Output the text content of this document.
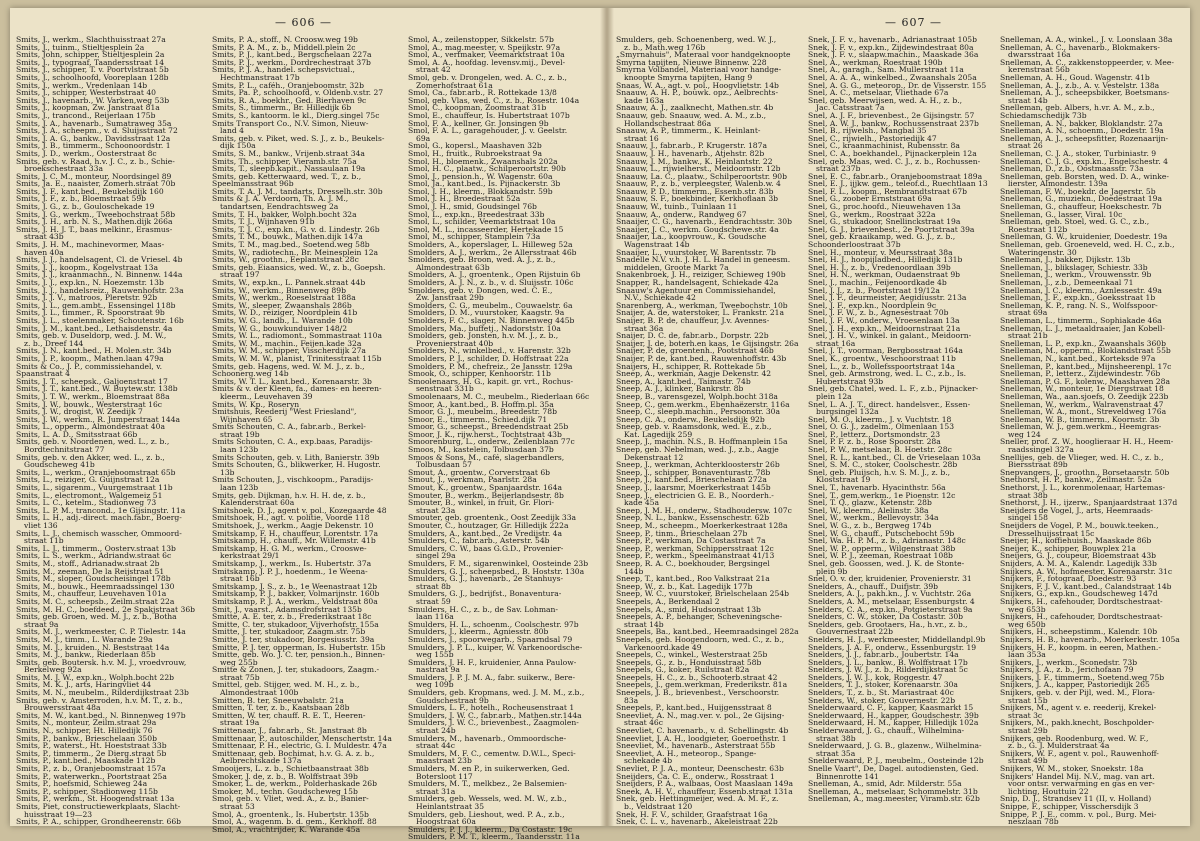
— 606 —	— 607 —
Smits, J., werkm., Slachthuisstraat 27a
Smits, J., tuinm., Stieltjesplein 2a
Smits, John, schipper, Stieltjesplein 2a
Smits, J., typograaf, Taandersstraat 14
Smits, J., schipper, T. v. Poortvlstraat 5b
Smits, J., schoolhoofd, Vooreplaan 128b
Smits, J., werkm., Vredenlaan 14b
Smits, J., schipper, Westerbstraat 40
Smits, J., havenarb., W. Varken,weg 53b
Smits, J., koopman, Zw. Janstraat 81a
Smits, J., trancond., Reijerlaan 175b
Smits, J. A., havenarb., Sumatraweg 35a
Smits, J. A., scheepm., v. d. Sluijsstraat 72
Smits, J. A. G., bankw., Davidsstraat 12a
Smits, J. B., timmerm., Schoonoordstr. 1
Smits, J. D., werkm., Oosterstraat 8c
Smits, geb. v. Raad, h.v. J. C., z. b., Schie-
broekschestraat 33a
Smits, J. C. M., monteur, Noordsingel 89
Smits, Ja. E., naaister, Zomerh.straat 70b
Smits, J. F., kant.bed., Beukelsdijk 160
Smits, J. F., z. b., Bloemstraat 59b
Smits, J. G., z. b., Gouloschekade 19
Smits, J. G., werkm., Tweebochstraat 58b
Smits, J. H., arb. N. S., Mathen.dijk 266a
Smits, J. H. J. T., baas melkinr., Erasmus-
straat 43b
Smits, J. H. M., machinevormer, Maas-
haven 40a
Smits, J. J., handelsagent, Cl. de Vriesel. 4b
Smits, J. J., koopm., Kogelvstraat 13a
Smits, J. J., kraanmachn., N. Binnenw. 144a
Smits, J. J., exp.kn., N. Hoezemstr. 13b
Smits, J. J., handelsreiz., Rauwenhofstr. 23a
Smits, J. J. V., matroos, Pleretstr. 92b
Smits, J. L., gem.ambt., Essensingel 118b
Smits, J. L., timmer., R. Spoorstraat 9b
Smits, J. L., stoelenmaker, Schoutenstr. 16b
Smits, J. M., kant.bed., Lethaisdenstr. 4a
Smits, geb. v. Duseldorp, wed. J. M. W.,
z. b., Dreef 144
Smits, J. N., kant.bed., H. Molen.str. 34b
Smits, J. P., koopm., Mathen.laan 479a
Smits & Co., J. P., commissiehandel, v.
Spaanstraat 4
Smits, J. T., scheepsk., Galjoenstraat 17
Smits, J. T., kant.bed., W. Buytew.str. 138b
Smits, J. T. W., werkm., Bloemstraat 88a
Smits, J. W., bouwk., Westerstraat 16c
Smits, J. W., drogist, W. Zeedijk 7
Smits, J. W., werkm., R. Jumperstraat 144a
Smits, L., opperm., Almondestraat 40a
Smits, L. A. D., Smitsstraat 66b
Smits, geb. v. Noordenen, wed. L., z. b.,
Bordtechnitstraat 77
Smits, geb. v. den Akker, wed. L., z. b.,
Goudscheweg 41b
Smits, L., werkm., Oranjeboomstraat 65b
Smits, L., reiziger, G. Guijnstraat 12a
Smits, L., sigarenm., Vuurgemstraat 11b
Smits, L., electromont., Walgemeiz 51
Smits, L. C., ketelm., Stadionweg 73
Smits, L. P. M., trancond., 1e Gijsingstr. 11a
Smits, L. H., adj.-direct. mach.fabr., Boerg-
vliet 136
Smits, L. J., chemisch wasscher, Ommoord-
straat 11b
Smits, L. J., timmerm., Oosterv.straat 13b
Smits, L. S., werkm., Adriandw.straat 6c
Smits, M., stoff., Adrianadw.straat 2b
Smits, M., zeeman, De la Reijstraat 51
Smits, M., sloper, Goudscheisingel 178b
Smits, M., bouwk., Heemraadssingel 130
Smits, M., chauffeur, Leuvehaven 101a
Smits, M. C., scheepsb., Zeilm.straat 22a
Smits, M. H. C., boefdeed., 2e Spakjstraat 36b
Smits, geb. Groen, wed. M. J., z. b., Botha
straat 9a
Smits, M. J., werkmeester, C. P. Tielestr. 14a
Smits, M. J., timm., L. Warande 29a
Smits, M. J., kruiden., N. Beststraat 14a
Smits, M. J., bankw., Riederlaan 85b
Smits, geb. Boutersk. h.v. M. J., vroedvrouw,
Berkelweg 92a
Smits, M. J. W., exp.kn., Wolph.bocht 22b
Smits, M. K. J., arts, Haringvliet 44
Smits, M. N., meubelm., Rilderdijkstraat 23b
Smits, geb. v. Amsterroden, h.v. M. T., z. b.,
Brouwersstraat 48a
Smits, M. W., kant.bed., N. Binnenweg 197b
Smits, N., monteur, Zeilm.straat 29a
Smits, N., schipper, Ht. Hilledijk 76
Smits, P., bankw., Brieschelaan 350b
Smits, P., waterst., Ht. Hoeststraat 33b
Smits, P., timmerm., 2e Dierg.straat 5b
Smits, P., kant.bed., Maaskade 112b
Smits, P., z. b., Oranjeboomstraat 157a
Smits, P., waterwerkn., Poortstraat 25a
Smits, P., hoefsmid, Schieweg 24a
Smits, P., schipper, Stadionweg 115b
Smits, P., werkm., St. Hoogendstraat 13a
Smits, Piet, constructiewerkplaats, Slacht-
huisstraat 19—23
Smits, P. A., schipper, Grondheerenstr. 66b
Smits, P. A., stoff., N. Croosw.weg 19b
Smits, P. A. M., z. b., Middell.plein 2c
Smits, P. J., kant.bed., Bergschelaan 227a
Smits, P. J., werkm., Dordrechestraat 37b
Smits, P. J. A., handel. schepsvictual.,
Hechtmanstraat 17b
Smits, P. L., caféh., Oranjeboomstr. 32b
Smits, Pa. P., schoolhoofd, v. Oldenb.v.str. 27
Smits, R. A., boekhr., Ged. Bierhaven 9c
Smits, S., timmerm., Br. Hilledijk 6b
Smits, S., kantoorm. le kl., Dierg.singel 75c
Smits Transport Co., N.V. Simon, Nieuw-
land 4
Smits, geb. v. Piket, wed. S. J., z. b., Beukels-
dijk 150a
Smits, S. M., bankw., Vrijenb.straat 34a
Smits, Th., schipper, Vieramb.str. 75a
Smits, T., sleepb.kapit., Nassaulaan 19a
Smits, geb. Ketterwaard, wed. T., z. b.,
Speelmansstraat 96b
Smits, T. A. J. M., tandarts, Dresselh.str. 30b
Smits & J. A. Verdoorn, Th. A. J. M.,
tandartsen, Eendrachtsweg 2a
Smits, T. H., bakker, Wolph.bocht 32a
Smits, T. J., Wijnhaven 91b
Smits, T. J. C., exp.kn., G. v. d. Lindestr. 26b
Smits, T. M., bouwk., Mathen.dijk 147a
Smits, T. M., mag.bed., Soetend.weg 58b
Smits, W., radiotechn., Br. Meinesplein 12a
Smits, W., groothn., Eeplantstraat 28c
Smits, geb. Eiaansics, wed. W., z. b., Goepsh.
straat 197
Smits, W., exp.kn., L. Pannek.straat 44b
Smits, W., werkm., Binnenweg 89b
Smits, W., werkm., Roeselstraat 188a
Smits, W., sleeper, Zwaanshals 286b
Smits, W. D., reiziger, Noordplein 41b
Smits, W. G., landb., L. Warande 10b
Smits, W. G., bouwkunduiver 148/2
Smits, W. L., radiomont., Sommastraat 110a
Smits, W. M., machin., Feijen.kade 32a
Smits, W. M., schipper, Visscherdijk 27a
Smits, W. M. W., planist, Trinitesstraat 115b
Smits, geb. Hagens, wed. W. M. J., z. b.,
Schoonerg.weg 14b
Smits, W. T. L., kant.bed., Korenaarstr. 3b
Smits & v. der Kleen, fa., dames- en heeren-
kleerm., Leuvehaven 39
Smits, W. Kp., Roseryn
Smitshuis, Reederij "West Friesland",
Wijnhaven 65
Smits Schouten, C. A., fabr.arb., Berkel-
straat 19b
Smits Schouten, C. A., exp.baas, Paradijs-
laan 123b
Smits Schouten, geb. v. Lith, Banierstr. 39b
Smits Schouten, G., blikwerker, H. Hugostr.
13b
Smits Schouten, J., vischkoopm., Paradijs-
laan 123b
Smits, geb. Dijkman, h.v. H. H. de, z. b.,
Kalenderstraat 60a
Smitshoek, D. J., agent v. pol., Kozegaarde 48
Smitshoek, H., agt. v. politie, Voorde 118
Smitshoek, J., werkm., Aagje Dekenstr. 10
Smitskamp, F. H., chauffeur, Lorentstr. 17a
Smitskamp, H., chauff., Mr. Willemstr. 41b
Smitskamp, H. G. M., werkm., Crooswe-
kerkstraat 29/1
Smitskamp, J., werkm., Is. Hubertstr. 37a
Smitskamp, J. P. J., hoedenm., 1e Weena-
straat 16b
Smitskamp, J. S., z. b., 1e Weenastraat 12b
Smitskamp, P. J., bakker, Volmarijnstr. 160b
Smitskamp, P. J. A., werkm., Veldstraat 80a
Smit, J., vaarst., Adamsdrofstraat 135b
Smitte, A. E. ter, z. b., Frederikstraat 18c
Smitte, C. ter, stukadoor, Vijverhofstr. 155a
Smitte, J. ter, stukadoor, Zaagm.str. 75b
Smitte, J. ter, stukadoor, Borgesiusstr. 39a
Smitte, P. J. ter, opperman, Is. Hubertstr. 15b
Smitte, geb. Wo. J. C. ter, pension.h., Binnen-
weg 255b
Smitte & Zonen, J. ter, stukadoors, Zaagm.-
straat 75b
Smittel, geb. Stijger, wed. M. H., z. b.,
Almondestraat 100b
Smitten, B. ter, Sneeuwbalstr. 21a
Smitten, T. ter, z. b., Kaatsbaan 28b
Smitten, W. ter, chauff. R. E. T., Heeren-
straat 19a
Smittenaar, J., fabr.arb., St. Janstraat 8b
Smittenaar, P., autoschilder, Menschertstr. 14a
Smittenaar, P. H., electric, G. I. Muldestr. 47a
Smittenaar, geb. Bochimat, h.v. G. A. z. b.,
Aelbrechtskade 137a
Smooijers, L. z. b., Schietbaanstraat 38b
Smoker, J. de, z. b., B. Wolffstraat 39b
Smoker, L. de, werkm., Polderhaskade 26b
Smoker, M., techn. Goudscheweg 15b
Smol, geb. v. Vliet, wed. A., z. b., Banier-
straat 53
Smol, A., groentenk., Is. Hubertstr. 135b
Smol, A., wagenm. b. d. gem., Kerkhoff. 88
Smol, A., vrachtrijder, K. Warande 45a
Smol, A., zeilenstopper, Sikkelstr. 57b
Smol, A., mag.meester, v. Speijkstr. 97a
Smol, A., verfmaker, Veemarktstraat 10a
Smol, A. A., hoofdag. levensv.mij., Devel-
straat 42
Smol, geb. v. Drongelen, wed. A. C., z. b.,
Zomerhofstraat 61a
Smol, Ca., fabr.arb., R. Rottekade 13/8
Smol, geb. Vlas, wed. C., z. b., Rosestr. 104a
Smol, C., koopman, Zoomstraat 31b
Smol, E., chauffeur, Is. Hubertstraat 107b
Smol, F. A., kellner, Gr. Jonsingen 9b
Smol, F. A. L., garagehouder, J. v. Geelstr.
69a
Smol, G., kopersl., Maashaven 32b
Smol, H., fruitk., Rubroekstraat 9a
Smol, H., bloemenk., Zwaanshals 202a
Smol, H. C., plaatw., Schilperoortstr. 90b
Smol, J., pension.h., W. Wagenstr. 60a
Smol, Ja., kant.bed., Is. Pijnackerstr. 3b
Smol, J. H., kleerm., Blokkandstr. 59b
Smol, J. H., Broedestraat 52a
Smol, J. H., smid, Goudsingel 76b
Smol, L., exp.kn., Breedestraat 33b
Smol, L., schilder, Veemarktstraat 10a
Smol, M. L., incasseerder, Hertekade 15
Smol, M., schipper, Stamplein 73a
Smolders, A., koperslager, L. Hilleweg 52a
Smolders, A. J., werkm., 2e Allersstraat 46b
Smolders, geb. Broon, wed. A. J., z. b.,
Almondestraat 63b
Smolders, A. J., groentenk., Open Rijstuin 6b
Smolders, A. J. N., z. b., v. d. Sluijsstr. 106c
Smolders, geb. v. Dongen, wed. C. E.,
Zw. Janstraat 29b
Smolders, C. G., meubelm., Couwaelstr. 6a
Smolders, D. M., vuurstoker, Kaagstr. 9a
Smolders, F. C., slager, N. Binnenweg 445b
Smolders, Ma., buffetj., Nadorststr. 10a
Smolders, geb. Jonsten, h.v. M. J., z. b.,
Provenierstraat 40b
Smolders, N., winkelbed., v. Harenstr. 32b
Smolders, P. J., schilder, D. Hoffstraat 22a
Smolders, P. M., chefreiz., 2e Jansstr. 129a
Smook, O., schipper, Kenhoorstr. 11b
Smoolenaars, H. G., kapit. gr. vrt., Rochus-
senstraat 331b
Smoolenaars, M. C., meubelm., Riederlaan 66c
Smoor, A., kant.bed., B. Hoffm.pl. 35a
Smoor, G. J., meubelm., Breedestr. 78b
Smoor, E., timmerm., Schied.dijk 71
Smoor, G., scheepst., Breedendstraat 25b
Smoor, J. K., rijw.herst., Tochtstraat 43b
Smoorenburg, L., onderw., Zeilenblaan 77c
Smoos, M., kastelein, Tolbusdaan 37b
Smoos & Sons, M., café, slagerbandlers,
Tolbusdaan 57
Smout, A., groentw., Corverstraat 6b
Smout, J., werkman, Paarlstr. 28a
Smout, K., groentw., Spanjaardstr. 164a
Smouter, B., werkm., Beijerlandsestr. 8b
Smouter, B., winkel, in fruit, Gr. Flori-
straat 23a
Smouter, geb. groentenk., Oost Zeedijk 33a
Smouter, C., houtzager, Gr. Hilledijk 222a
Smulders, A., kant.bed., 2e Vredijstr. 4a
Smulders, C., fabr.arb., Asterstr. 54b
Smulders, C. W., baas G.G.D., Provenier-
singel 29a
Smulders, F. M., sigarenwinkel, Oosteinde 23b
Smulders, G. J., scheepsbed., B. Hoststr. 130a
Smulders, G. J., havenarb., 2e Stanhuys-
straat 8b
Smulders, G. J., bedrijfst., Bonaventura-
straat 59
Smulders, H. C., z. b., de Sav. Lohman-
laan 116a
Smulders, H. L., schoenm., Coolschestr. 97b
Smulders, J., kleerm., Agniesstr. 80b
Smulders, J., spoorwegarb., Spaarndsal 79
Smulders, J. P. L., kuiper, W. Varkenoordsche-
weg 155b
Smulders, J. H. F., kruidenier, Anna Paulow-
nastraat 9a
Smulders, J. P. J. M. A., fabr. suikerw., Bere-
weg 109b
Smulders, geb. Kropmans, wed. J. M. M., z.b.,
Goudschestraat 9b
Smulders, L. F., hotelh., Rocheusenstraat 1
Smulders, J. W. C., fabr.arb., Mathen.str.144a
Smulders, J. W. C., brievenbest., Zaagmolen-
straat 24b
Smulders, M., havenarb., Ommoordsche-
straat 44c
Smulders, M. F. C., cementw. D.W.L., Speci-
maastraat 23b
Smulders, M. en P., in suikerwerken, Ged.
Botersloot 117
Smulders, M. T., melkbez., 2e Balsemien-
straat 31a
Smulders, geb. Wessels, wed. M. W., z.b.,
Heinlantstraat 35
Smulders, geb. Lieshout, wed. P. A., z.b.,
Hoogstraat 60a
Smulders, P. J. J., kleerm., Da Costastr. 19c
Smulders, P. M. T., kleerm., Taandersstr. 11a
Smulders, geb. Schoenenberg, wed. W. J.,
z. b., Math.weg 176b
„Smyrnahuis", Materaal voor handgeknoopte
Smyrna tapijten, Nieuwe Binnenw. 228
Smyrna Volbandel, Materiaal voor handge-
knoopte Smyrna tapijten, Hang 9
Snaas, W. A., agt. v. pol., Hoogvlietstr. 14b
Snaauw, A. H. P., bouwk. opz., Aelbrechts-
kade 163a
Snaauw, A. J., zaalknecht, Mathen.str. 4b
Snaauw, geb. Snaauw, wed. A. M., z.b.,
Hollandschestraat 86a
Snaauw, A. P., timmerm., K. Heinlant-
straat 16
Snaauw, J., fabr.arb., P. Krugerstr. 187a
Snaauw, J. H., havenarb., Atjehstr. 82b
Snaauw, J. M., bankw., K. Heinlantstr. 22
Snaauw, L., rijwielherst., Meidoornstr. 12b
Snaauw, La. C., plaatw., Schilperoortstr. 90b
Snaauw, P., z. b., verpleegster, Walenb.w. 4
Snaauw, P. D., timmerm., Essenb.str. 83b
Snaauw, S. F., boekbinder, Kerkhoflaan 3b
Snaauw, W., tuinb., Tuinlaan 11
Snaauw, A., onderw., Randweg 67
Snaaijer, C. G., havenarb., Eendrachtsstr. 30b
Snaaijer, J. C., werkm. Goudschewe.str. 4a
Snaaijer, La., koopvrouw., K. Goudsche
Wagenstraat 14b
Snaaijer, L., vuurstoker, W. Barentsstr. 7b
Snadelle N.V. v.h. J. H. L. Handel in geneesm.
middelen, Groote Markt 7a
Snakenbroek, J. H., reiziger, Schieweg 190b
Snapper, R., handelsagent, Schiekade 42a
Snaauw's Agentuur en Commissiehandel,
N.V., Schiekade 42
Snarenberg, A., werkman, Tweebochstr. 10b
Snaijer, A. de, waterstoker, L. Frankstr. 21a
Snaijer, B. P. de, chauffeur, J.v. Avennes-
straat 36a
Snaijer, D. C. de, fabr.arb., Dorpstr. 22b
Snaijer, J. de, boterh.en kaas, 1e Gijsingstr. 26a
Snaijer, P. de, groentenh., Pootstraat 46b
Snaijer, P. de, kant.bed., Rauwenhoffstr. 43b
Snaijers, H., schipper, R. Rottekade 5b
Sneep, A., werkman, Aagje Dekenstr. 42
Sneep, A., kant.bed., Taimastr. 74b
Sneep, A. J., klinker, Bankrstr. 8b
Sneep, B., varensgezel, Wolph.bocht 318a
Sneep, C., gem.werkm., Ebenhaëzerstr. 116a
Sneep, C., sleepb.machin., Persoonstr. 30a
Sneep, C. A., onderw., Beukelsdijk 92b
Sneep, geb. v. Raamsdonk, wed. E., z.b.,
Kat. Lagedijk 259
Sneep, J., machin. N.S., B. Hoffmanplein 15a
Sneep, geb. Nebelman, wed. J., z.b., Aagje
Dekenstraat 12
Sneep, J., werkman, Achterkloosterstr 26b
Sneep, J., schipper, Bonaventurastr. 78b
Sneep, J., kant.bed., Brieschelaan 272a
Sneep, J., laarsmr, Moerkerkstraat 145b
Sneep, J., electricien G. E. B., Noorderh.-
kade 45a
Sneep, J. M. H., onderw., Stadhoudersw. 107c
Sneep, N. L., bankw., Essenschestr. 62b
Sneep, M., scheepm., Moerkerkestraat 128a
Sneep, P., tinm., Brieschelaan 27b
Sneep, P., werkman, Da Costastraat 7a
Sneep, P., werkman, Schippersstraat 12c
Sneep, P., werkm., Speelmanstraat 41/13
Sneep, R. A. C., boekhouder, Bergsingel
144b
Sneep, T., kant.bed., Roo Valkstraat 21a
Sneep, W., z. b., Kat. Lagedijk 177b
Sneep, W. C., vuurstoker, Brielschelaan 254b
Sneepels, A., Berkendaal 2
Sneepels, A., smid, Hudsonstraat 13b
Sneepels, A. P., behanger, Scheveningsche-
straat 14b
Sneepels, Ba., kant.bed., Heemraadsingel 282a
Sneepels, geb. Hoogendoorn, wed. C., z. b.,
Varkenoord.kade 49
Sneepels, C., winkel., Westerstraat 25b
Sneepels, G., z. b., Honduisstraat 58b
Sneepels, G., koker, Ruilstraat 82a
Sneepels, H. C., z. b., Schooterb.straat 42
Sneepels, J., gem.werkman, Frederikstr. 81a
Sneepels, J. B., brievenbest., Verschoorstr.
83a
Sneepels, P., kant.bed., Huijgensstraat 8
Sneevliet, A. N., mag.ver. v. pol., 2e Gijsing-
straat 46c
Sneevliet, C. havenarb., v. d. Schellingstr. 4b
Sneevliet, J. A. H., loodgieter, Goeroethstr. 1
Sneevliet, M., havenarb., Asterstraat 55b
Sneevliet, A. H., meteorop., Spange-
schekade 4b
Snevliet, P. J. A., monteur, Deenschestr. 63b
Sneijders, Ca. C. E., onderw., Rosstraat 1
Sneijders, P. A., walbaas, Oost Maaslaan 149a
Sneek, A. H. V., chauffeur, Essenb.straat 131a
Snek, geb. Hettingmeijer, wed. A. M. F., z.
b., Veldstraat 120
Snek, H. F. V., schilder, Graafstraat 16a
Snek, C. L. v., havenarb., Akeleistraat 22b
Snek, J. F. v., havenarb., Adrianastraat 105b
Snek, J. F. v., exp.kn., Zijdewindestraat 80a
Snek, J. F. v., slaapw.machin., Maaskade 36a
Snel, A., werkman, Roestraat 190b
Snel, A., garagh., Sam. Mullerstraat 11a
Snel, A. A. A., winkelbed., Zwaanshals 205a
Snel, A. G. G., meteorop., Dr. de Visserstr. 155
Snel, A. C., metselaar, Vliethade 67a
Snel, geb. Meerwijsen, wed. A. H., z. b.,
Jac. Catsstraat 7a
Snel, A. J. F., brievenbest., 2e Gijsingstr. 57
Snel, A. W. J., bankw., Rochussenstraat 237b
Snel, B., rijwelsh., Mangbal 35
Snel, C., rijwielh., Pastoriedijk 47
Snel, C., kraanmachinist, Rubensstr. 8a
Snel, C. A., boekhandel., Pijnackerplein 12a
Snel, geb. Maas, wed. C. J., z. b., Rochussen-
straat 237b
Snel, E. C., fabr.arb., Oranjeboomstraat 189a
Snel, E. J., ijjkw. gem., teleof.d., Ruechtlaan 13
Snel, F. L., koopm., Rembrandtstraat 67b
Snel, G., zoober Ernststraat 69a
Snel, G., proc.hoofd., Nieuwehaven 13a
Snel, G., werkm., Roostraat 322a
Snel, G., stukadoor, Snellinckstraat 19a
Snel, G. J., brievenbest., 2e Poortstraat 39a
Snel, geb. Kraaikamp, wed. G. J., z. b.,
Schoonderloostraat 37b
Snel, H., monteur, v. Meursstraat 38a
Snel, H. J., hoopijladbed., Hilledijk 131b
Snel, H. J., z. b., Vredenoordlaan 39b
Snel, H. N., werkman, Oudaenstraat 9b
Snel, J., machin., Feijenoordkade 4b
Snel, J. J., z. b., Poortstraat 19/12a
Snel, J. F., deurmeister, Aegidiusstr. 213a
Snel, J. F., exp.kn., Noordplein 9c
Snel, J. F. W., z. b., Agnesestraat 70b
Snel, J. F. W., onderw., Vroesenlaan 13a
Snel, J. H., exp.kn., Meidoornstraat 21a
Snel, J. H. V., winkel. in galant., Meidoorn-
straat 16a
Snel, J. T., voorman, Bergbosstraat 164a
Snel, K., groentw., Veschoorstraat 11b
Snel, L., z. b., Wollefsspoortstraat 14a
Snel, geb. Armstrong, wed. L. C., z.b., Is.
Hubertstraat 93b
Snel, geb. Chatel, wed. L. F., z.b., Pijnacker-
plein 12a
Snel, L. A. J. T., direct. handelsver., Essen-
burgsingel 132a
Snel, M. O., kleerm., J. v. Vuchtstr. 18
Snel, O. G. J., zadelm., Olmenlaan 153
Snel, P., letterz., Dortsmondstr. 23
Snel, P. F. z. b., Rose Spoorstr. 28a
Snel, P. W., metselaar, B. Hoetstr. 28c
Snel, R. L., kant.bed., Cl. de Vrieselaan 103a
Snel, S. M. C., stoker, Coolschestr. 28b
Snel, geb. Pluijsch, h.v. S. M. J., z. b.,
Kloststraat 19
Snel, T., havenarb. Hyacinthstr. 56a
Snel, T., gem.werkm., 1e Pioenstr. 12c
Snel, T. Q., glazw., Ketenstr. 28b
Snel, W., kleerm., Alelinstr. 38a
Snel, W., werkm., Bellevoystr. 34a
Snel, W. G., z. b., Bergweg 174b
Snel, W. G., chauff., Putschebocht 59b
Snel, Wa. H. P. M., z. b., Adrianastr. 148c
Snel, W. P., opperm., Wilgenstraat 38b
Snel, W. P. J., zeeman, Roestraat 108b
Snel, geb. Goossen, wed. J. K. de Stonte-
plein 9b
Snel, O. v. der, kruidenier, Provenierstr. 31
Snelders, A., chauff., Duifjstr. 39b
Snelders, A. J., pakh.kn., J. v. Vuchtstr. 26a
Snelders, A. M., metselaar, Essenburgstr. 4
Snelders, C. A., exp.kn., Potgieterstraat 9a
Snelders, C. W., stoker, Da Costastr. 30b
Snelders, geb. Grootaers, Ha., h.vr., z. b.,
Gouvernestraat 22b
Snelders, H. J., werkmeester, Middellandpl.9b
Snelders, J. A. F., onderw., Essenburgstr. 19
Snelders, J. J., fabr.arb., Joubertstr. 14a
Snelders, J. L., bankw., B. Wolffstraat 17b
Snelders, J. W. J., z. b., Rilderdijkstraat 5c
Snelders, J. W. J., kok, Roggestr. 47
Snelders, T. J., stoker, Korenaarstr. 30a
Snelders, T., z. b., St. Mariastraat 40c
Snelders, W., stoker, Gouvernestr. 22b
Snelderwaard, C. F., kapper, Kaasmarkt 15
Snelderwaard, H., kapper, Goudschestr. 39b
Snelderwaard, H. M., kapper, Hilledijk 102a
Snelderwaard, J. G., chauff., Wilhelmina-
straat 38b
Snelderwaard, J. G. B., glazenw., Wilhelmina-
straat 35a
Snelderwaard, P. J., meubelm., Oosteinde 12b
Snelle Vaart", De, Dagel. autodiensten, Ged.
Binnenrotte 141
Snelleman, A., smid, Adr. Milderstr. 55a
Snelleman, A., metselaar, Schommelstr. 31b
Snelleman, A., mag.meester, Viramb.str. 62b
Snelleman, A. A., winkel., J. v. Loonslaan 38a
Snelleman, A. C., havenarb., Blokmakers-
dwarsstraat 16a
Snelleman, A. C., zakkenstoppeerder, v. Mee-
kerenstraat 56b
Snelleman, A. H., Goud. Wagenstr. 41b
Snelleman, A. J., z.b., A. v. Vestelstr. 138a
Snelleman, A. J., scheepsbikker, Boetsmans-
straat 14b
Snelleman, geb. Albers, h.vr. A. M., z.b.,
Schiedamschedijk 73b
Snelleman, A. N., bakker, Bloklandstr. 27a
Snelleman, A. N., schoenm., Doedestr. 19a
Snelleman, A. J., scheepsfitter, Rozenaarijn-
straat 26
Snelleman, C. J. A., stoker, Turbiniastr. 9
Snelleman, C. J. G., exp.kn., Engelschestr. 4
Snelleman, D., z.b., Oostmaasstr. 73a
Snelleman, geb. Borsten, wed. D. A., winke-
lierster, Almondestr. 139a
Snelleman, F. W., boekdr. de Jagerstr. 5b
Snelleman, G., muziekn., Doedestraat 19a
Snelleman, G., chauffeur, Hoekschestr. 7b
Snelleman, G., lasser, Viral. 10c
Snelleman, geb. Stoel, wed. G. C., z.b.,
Roestraat 112b
Snelleman, G. W., kruidenier, Doedestr. 19a
Snelleman, geb. Groeneveld, wed. H. C., z.b.,
Wateringenstr. 30
Snelleman, J., bakker, Dijkstr. 13b
Snelleman, J., blikslager, Schiestr. 33b
Snelleman, J., werkm., Vrouwensstr. 9b
Snelleman, J., z.b., Demeenkaal 71
Snelleman, J. C., kleerm., Aznlessestr. 49a
Snelleman, J. F., exp.kn., Goeksstraat 1b
Snelleman, K. P., rang. N. S., Wolfsspoor-
straat 69a
Snelleman, L., timmerm., Sophiakade 46a
Snelleman, L. J., metaaldraaier, Jan Kobell-
straat 21b
Snelleman, L. P., exp.kn., Zwaanshals 360b
Snelleman, M., opperm., Bloklandstraat 55b
Snelleman, N., kant.bed., Korteksde 97a
Snelleman, P., kant.bed., Mijnsheerenpl. 17c
Snelleman, P., letterz., Zijdewindestr. 76b
Snelleman, P. G. F., kolenw., Maashaven 28a
Snelleman, W., monteur, 1e Diergstraat 18
Snelleman, Wa., aan.sjoefs, O. Zeedijk 223b
Snelleman, W., werkm., Walravenstraat 47
Snelleman, W. A., mont., Streveldweg 176a
Snelleman, W. B., timmerm., Koornstr. 3b
Snelleman, W. J., gem.werkm., Heemgras-
weg 124
Sneller, prof. Z. W., hooglieraar H. H., Heem-
raadssingel 327a
Snellijes, geb. de Vlieger, wed. H. C., z. b.,
Biersstraat 89b
Snepvangers, J., groothn., Borsetaarstr. 50b
Snethorst, H. P., bankw., Zeilmastr. 52a
Snethorst, J. L., korenmolenaar, Hartemas-
straat 38b
Snethorst, J. H., ijzerw., Spanjaardstraat 137d
Sneijders de Vogel, J., arts, Heemraads-
singel 158
Sneijders de Vogel, P. M., bouwk.teeken.,
Dresselhuijsstraat 15c
Sneijer, H., koffiehuish., Maaskade 86b
Sneijer, K., schipper, Bouwplex 21a
Sneijers, G. J., coupeur, Bloemstraat 43b
Snijders, A. M. A., Kalendr. Lagedijk 33b
Snijkers, A. W., hofmeester, Korenaarstr. 31c
Snijkers, F., fotograaf, Doedestr. 93
Snijkers, F. J. V., kant.bed., Calandstraat 14b
Snijkers, G., exp.kn., Goudscheweg 147d
Snijkers, H., cafehouder, Dordtschestraat-
weg 653b
Snijkers, H., cafehouder, Dordtschestraat-
weg 650b
Snijkers, H., scheepstimm., Kalendr. 10b
Snijkers, H. B., havenarb., Moerkerkestr. 105a
Snijkers, H. F., koopm. in eeren, Mathen.-
laan 353a
Snijkers, J., werkm., Sconedstr. 73b
Snijkers, J. A., z. b., Jerichofaan 79
Snijkers, J. F., timmerm., Soetend.weg 75b
Snijkers, J. A., kapper, Pastoriedijk 265
Snijkers, geb. v. der Pijl, wed. M., Flora-
straat 15b
Snijkers, M., agent v. e. reederij, Krekel-
straat 3c
Snijkers, M., pakh.knecht, Boschpolder-
straat 29b
Snijkers, geb. Roodenburg, wed. W. F.,
z. b., G. J. Mulderstraat 4a
Snijkers, W. F., agent v. pol., Rauwenhoff-
straat 49b
Snijkers, W. M., stoker, Snoekstr. 18a
Snijkers' Handel Mij. N.V., mag. van art.
voor ontsr. verwarming en gas en ver-
lichting, Houttuin 22
Snip, D. J., Strandsev 11 (II, v. Holland)
Snippe, F., schipper, Visschersdijk 3
Snippe, P. J. E., comm. v. pol., Burg. Mei-
neszlaan 78b
